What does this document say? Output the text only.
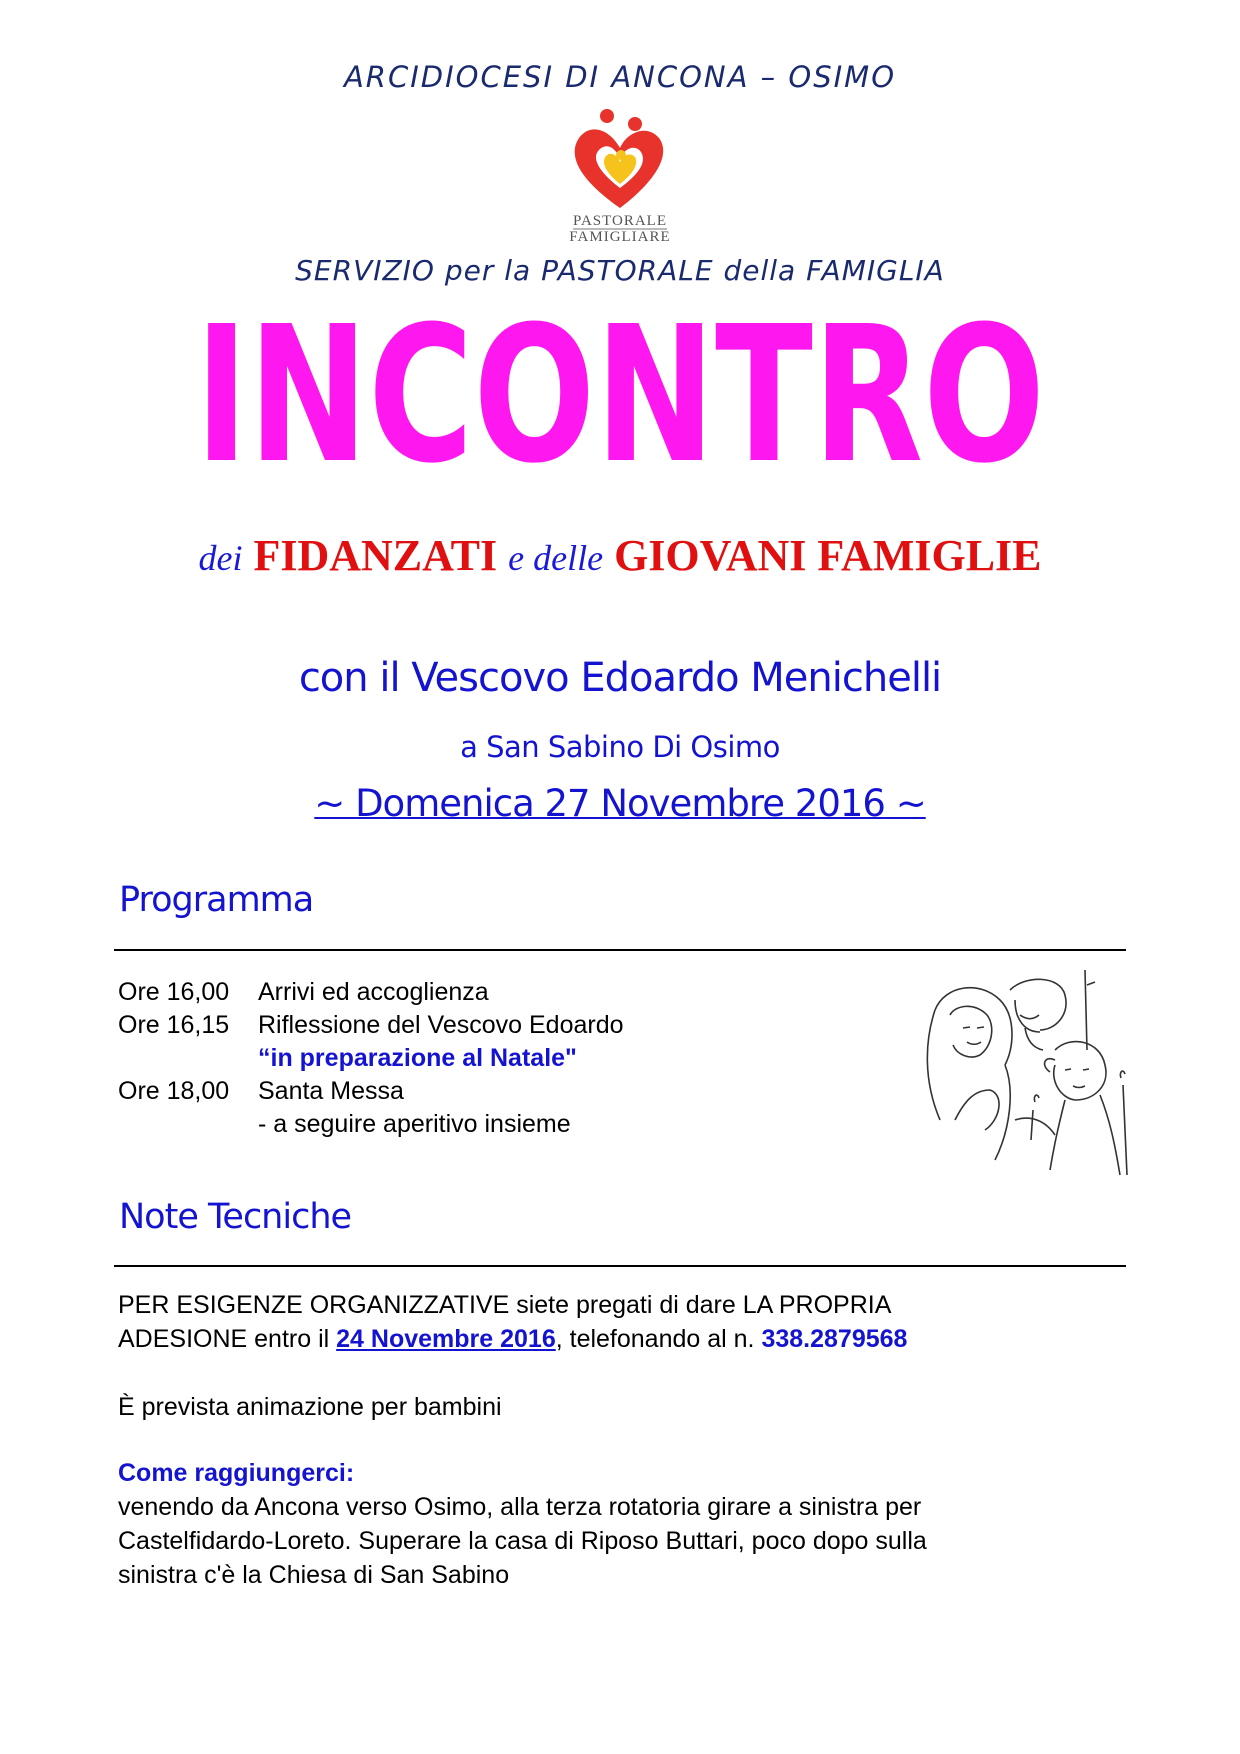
ARCIDIOCESI DI ANCONA – OSIMO
PASTORALE
FAMIGLIARE
SERVIZIO per la PASTORALE della FAMIGLIA
INCONTRO
dei FIDANZATI e delle GIOVANI FAMIGLIE
con il Vescovo Edoardo Menichelli
a San Sabino Di Osimo
~ Domenica 27 Novembre 2016 ~
Programma
Ore 16,00 Arrivi ed accoglienza
Ore 16,15 Riflessione del Vescovo Edoardo
“in preparazione al Natale"
Ore 18,00 Santa Messa
- a seguire aperitivo insieme
Note Tecniche
PER ESIGENZE ORGANIZZATIVE siete pregati di dare LA PROPRIA
ADESIONE entro il 24 Novembre 2016, telefonando al n. 338.2879568
È prevista animazione per bambini
Come raggiungerci:
venendo da Ancona verso Osimo, alla terza rotatoria girare a sinistra per
Castelfidardo-Loreto. Superare la casa di Riposo Buttari, poco dopo sulla
sinistra c'è la Chiesa di San Sabino
